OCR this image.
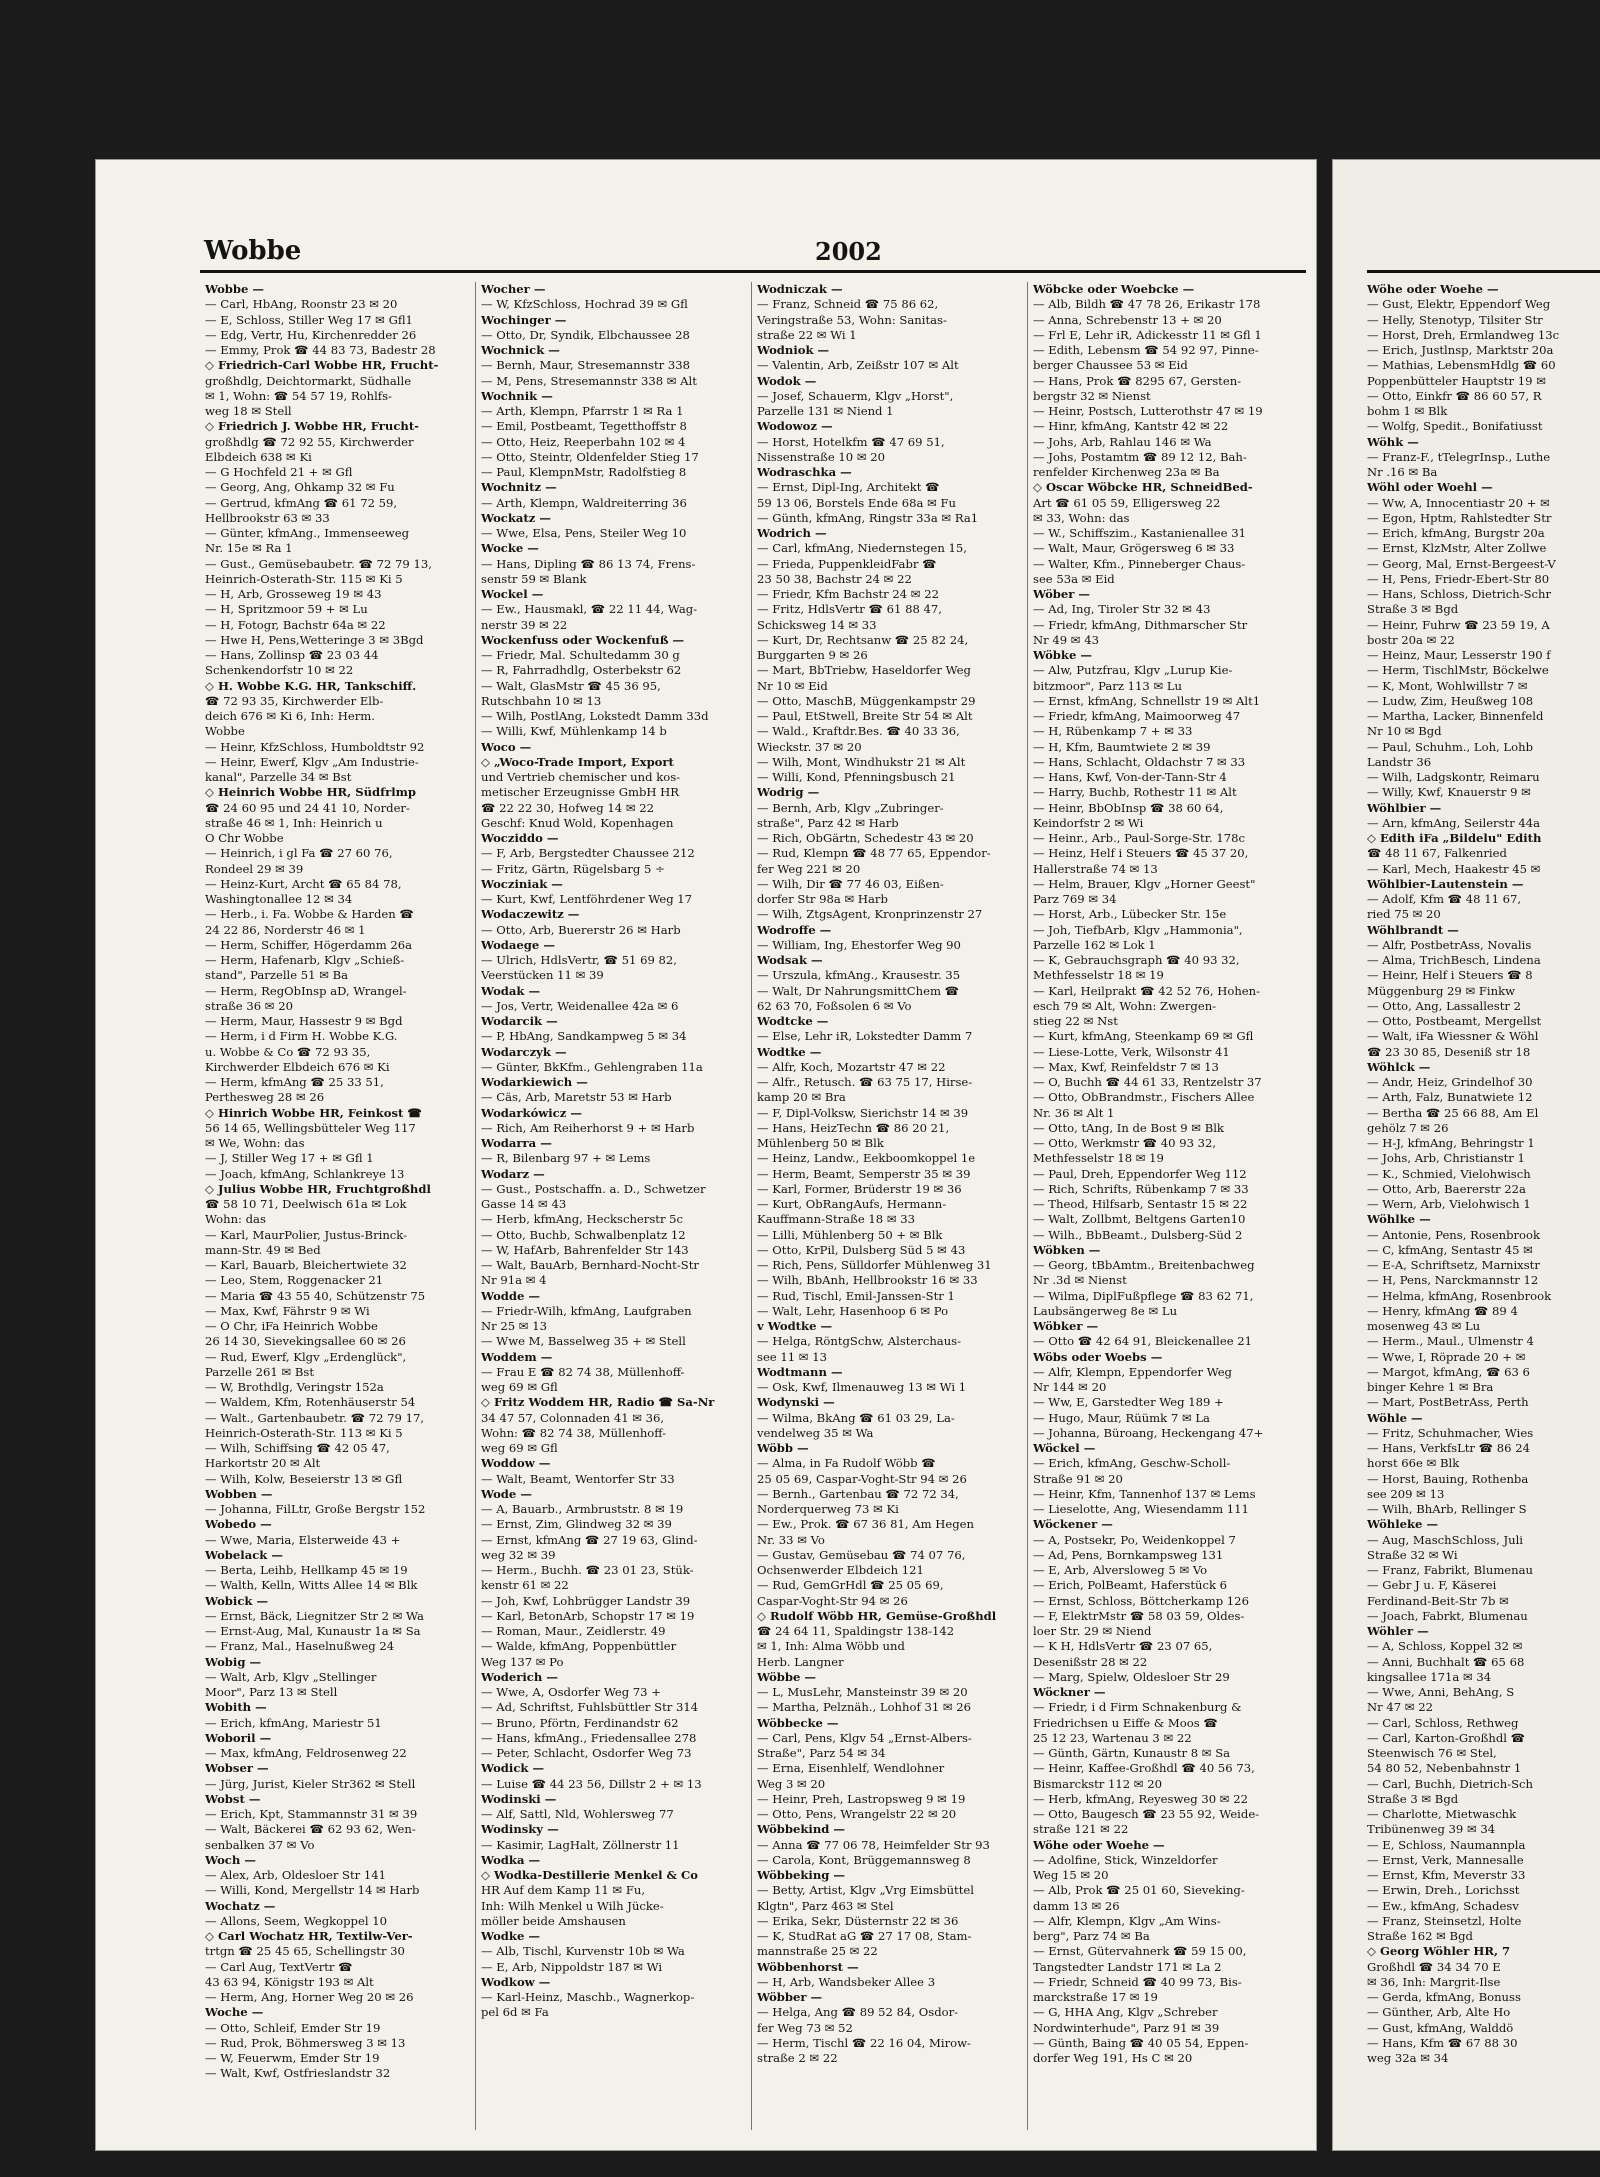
Wobbe	2002
Wobbe —
— Carl, HbAng, Roonstr 23 ✉ 20
— E, Schloss, Stiller Weg 17 ✉ Gfl1
— Edg, Vertr, Hu, Kirchenredder 26
— Emmy, Prok ☎ 44 83 73, Badestr 28
◇ Friedrich-Carl Wobbe HR, Frucht-
großhdlg, Deichtormarkt, Südhalle
✉ 1, Wohn: ☎ 54 57 19, Rohlfs-
weg 18 ✉ Stell
◇ Friedrich J. Wobbe HR, Frucht-
großhdlg ☎ 72 92 55, Kirchwerder
Elbdeich 638 ✉ Ki
— G Hochfeld 21 + ✉ Gfl
— Georg, Ang, Ohkamp 32 ✉ Fu
— Gertrud, kfmAng ☎ 61 72 59,
Hellbrookstr 63 ✉ 33
— Günter, kfmAng., Immenseeweg
Nr. 15e ✉ Ra 1
— Gust., Gemüsebaubetr. ☎ 72 79 13,
Heinrich-Osterath-Str. 115 ✉ Ki 5
— H, Arb, Grosseweg 19 ✉ 43
— H, Spritzmoor 59 + ✉ Lu
— H, Fotogr, Bachstr 64a ✉ 22
— Hwe H, Pens,Wetteringe 3 ✉ 3Bgd
— Hans, Zollinsp ☎ 23 03 44
Schenkendorfstr 10 ✉ 22
◇ H. Wobbe K.G. HR, Tankschiff.
☎ 72 93 35, Kirchwerder Elb-
deich 676 ✉ Ki 6, Inh: Herm.
Wobbe
— Heinr, KfzSchloss, Humboldtstr 92
— Heinr, Ewerf, Klgv „Am Industrie-
kanal", Parzelle 34 ✉ Bst
◇ Heinrich Wobbe HR, Südfrlmp
☎ 24 60 95 und 24 41 10, Norder-
straße 46 ✉ 1, Inh: Heinrich u
O Chr Wobbe
— Heinrich, i gl Fa ☎ 27 60 76,
Rondeel 29 ✉ 39
— Heinz-Kurt, Archt ☎ 65 84 78,
Washingtonallee 12 ✉ 34
— Herb., i. Fa. Wobbe & Harden ☎
24 22 86, Norderstr 46 ✉ 1
— Herm, Schiffer, Högerdamm 26a
— Herm, Hafenarb, Klgv „Schieß-
stand", Parzelle 51 ✉ Ba
— Herm, RegObInsp aD, Wrangel-
straße 36 ✉ 20
— Herm, Maur, Hassestr 9 ✉ Bgd
— Herm, i d Firm H. Wobbe K.G.
u. Wobbe & Co ☎ 72 93 35,
Kirchwerder Elbdeich 676 ✉ Ki
— Herm, kfmAng ☎ 25 33 51,
Perthesweg 28 ✉ 26
◇ Hinrich Wobbe HR, Feinkost ☎
56 14 65, Wellingsbütteler Weg 117
✉ We, Wohn: das
— J, Stiller Weg 17 + ✉ Gfl 1
— Joach, kfmAng, Schlankreye 13
◇ Julius Wobbe HR, Fruchtgroßhdl
☎ 58 10 71, Deelwisch 61a ✉ Lok
Wohn: das
— Karl, MaurPolier, Justus-Brinck-
mann-Str. 49 ✉ Bed
— Karl, Bauarb, Bleichertwiete 32
— Leo, Stem, Roggenacker 21
— Maria ☎ 43 55 40, Schützenstr 75
— Max, Kwf, Fährstr 9 ✉ Wi
— O Chr, iFa Heinrich Wobbe
26 14 30, Sievekingsallee 60 ✉ 26
— Rud, Ewerf, Klgv „Erdenglück",
Parzelle 261 ✉ Bst
— W, Brothdlg, Veringstr 152a
— Waldem, Kfm, Rotenhäuserstr 54
— Walt., Gartenbaubetr. ☎ 72 79 17,
Heinrich-Osterath-Str. 113 ✉ Ki 5
— Wilh, Schiffsing ☎ 42 05 47,
Harkortstr 20 ✉ Alt
— Wilh, Kolw, Beseierstr 13 ✉ Gfl
Wobben —
— Johanna, FilLtr, Große Bergstr 152
Wobedo —
— Wwe, Maria, Elsterweide 43 +
Wobelack —
— Berta, Leihb, Hellkamp 45 ✉ 19
— Walth, Kelln, Witts Allee 14 ✉ Blk
Wobick —
— Ernst, Bäck, Liegnitzer Str 2 ✉ Wa
— Ernst-Aug, Mal, Kunaustr 1a ✉ Sa
— Franz, Mal., Haselnußweg 24
Wobig —
— Walt, Arb, Klgv „Stellinger
Moor", Parz 13 ✉ Stell
Wobith —
— Erich, kfmAng, Mariestr 51
Woboril —
— Max, kfmAng, Feldrosenweg 22
Wobser —
— Jürg, Jurist, Kieler Str362 ✉ Stell
Wobst —
— Erich, Kpt, Stammannstr 31 ✉ 39
— Walt, Bäckerei ☎ 62 93 62, Wen-
senbalken 37 ✉ Vo
Woch —
— Alex, Arb, Oldesloer Str 141
— Willi, Kond, Mergellstr 14 ✉ Harb
Wochatz —
— Allons, Seem, Wegkoppel 10
◇ Carl Wochatz HR, Textilw-Ver-
trtgn ☎ 25 45 65, Schellingstr 30
— Carl Aug, TextVertr ☎
43 63 94, Königstr 193 ✉ Alt
— Herm, Ang, Horner Weg 20 ✉ 26
Woche —
— Otto, Schleif, Emder Str 19
— Rud, Prok, Böhmersweg 3 ✉ 13
— W, Feuerwm, Emder Str 19
— Walt, Kwf, Ostfrieslandstr 32
Wocher —
— W, KfzSchloss, Hochrad 39 ✉ Gfl
Wochinger —
— Otto, Dr, Syndik, Elbchaussee 28
Wochnick —
— Bernh, Maur, Stresemannstr 338
— M, Pens, Stresemannstr 338 ✉ Alt
Wochnik —
— Arth, Klempn, Pfarrstr 1 ✉ Ra 1
— Emil, Postbeamt, Tegetthoffstr 8
— Otto, Heiz, Reeperbahn 102 ✉ 4
— Otto, Steintr, Oldenfelder Stieg 17
— Paul, KlempnMstr, Radolfstieg 8
Wochnitz —
— Arth, Klempn, Waldreiterring 36
Wockatz —
— Wwe, Elsa, Pens, Steiler Weg 10
Wocke —
— Hans, Dipling ☎ 86 13 74, Frens-
senstr 59 ✉ Blank
Wockel —
— Ew., Hausmakl, ☎ 22 11 44, Wag-
nerstr 39 ✉ 22
Wockenfuss oder Wockenfuß —
— Friedr, Mal. Schultedamm 30 g
— R, Fahrradhdlg, Osterbekstr 62
— Walt, GlasMstr ☎ 45 36 95,
Rutschbahn 10 ✉ 13
— Wilh, PostlAng, Lokstedt Damm 33d
— Willi, Kwf, Mühlenkamp 14 b
Woco —
◇ „Woco-Trade Import, Export
und Vertrieb chemischer und kos-
metischer Erzeugnisse GmbH HR
☎ 22 22 30, Hofweg 14 ✉ 22
Geschf: Knud Wold, Kopenhagen
Wocziddo —
— F, Arb, Bergstedter Chaussee 212
— Fritz, Gärtn, Rügelsbarg 5 ÷
Wocziniak —
— Kurt, Kwf, Lentföhrdener Weg 17
Wodaczewitz —
— Otto, Arb, Buererstr 26 ✉ Harb
Wodaege —
— Ulrich, HdlsVertr, ☎ 51 69 82,
Veerstücken 11 ✉ 39
Wodak —
— Jos, Vertr, Weidenallee 42a ✉ 6
Wodarcik —
— P, HbAng, Sandkampweg 5 ✉ 34
Wodarczyk —
— Günter, BkKfm., Gehlengraben 11a
Wodarkiewich —
— Cäs, Arb, Maretstr 53 ✉ Harb
Wodarkówicz —
— Rich, Am Reiherhorst 9 + ✉ Harb
Wodarra —
— R, Bilenbarg 97 + ✉ Lems
Wodarz —
— Gust., Postschaffn. a. D., Schwetzer
Gasse 14 ✉ 43
— Herb, kfmAng, Heckscherstr 5c
— Otto, Buchb, Schwalbenplatz 12
— W, HafArb, Bahrenfelder Str 143
— Walt, BauArb, Bernhard-Nocht-Str
Nr 91a ✉ 4
Wodde —
— Friedr-Wilh, kfmAng, Laufgraben
Nr 25 ✉ 13
— Wwe M, Basselweg 35 + ✉ Stell
Woddem —
— Frau E ☎ 82 74 38, Müllenhoff-
weg 69 ✉ Gfl
◇ Fritz Woddem HR, Radio ☎ Sa-Nr
34 47 57, Colonnaden 41 ✉ 36,
Wohn: ☎ 82 74 38, Müllenhoff-
weg 69 ✉ Gfl
Woddow —
— Walt, Beamt, Wentorfer Str 33
Wode —
— A, Bauarb., Armbruststr. 8 ✉ 19
— Ernst, Zim, Glindweg 32 ✉ 39
— Ernst, kfmAng ☎ 27 19 63, Glind-
weg 32 ✉ 39
— Herm., Buchh. ☎ 23 01 23, Stük-
kenstr 61 ✉ 22
— Joh, Kwf, Lohbrügger Landstr 39
— Karl, BetonArb, Schopstr 17 ✉ 19
— Roman, Maur., Zeidlerstr. 49
— Walde, kfmAng, Poppenbüttler
Weg 137 ✉ Po
Woderich —
— Wwe, A, Osdorfer Weg 73 +
— Ad, Schriftst, Fuhlsbüttler Str 314
— Bruno, Pförtn, Ferdinandstr 62
— Hans, kfmAng., Friedensallee 278
— Peter, Schlacht, Osdorfer Weg 73
Wodick —
— Luise ☎ 44 23 56, Dillstr 2 + ✉ 13
Wodinski —
— Alf, Sattl, Nld, Wohlersweg 77
Wodinsky —
— Kasimir, LagHalt, Zöllnerstr 11
Wodka —
◇ Wodka-Destillerie Menkel & Co
HR Auf dem Kamp 11 ✉ Fu,
Inh: Wilh Menkel u Wilh Jücke-
möller beide Amshausen
Wodke —
— Alb, Tischl, Kurvenstr 10b ✉ Wa
— E, Arb, Nippoldstr 187 ✉ Wi
Wodkow —
— Karl-Heinz, Maschb., Wagnerkop-
pel 6d ✉ Fa
Wodniczak —
— Franz, Schneid ☎ 75 86 62,
Veringstraße 53, Wohn: Sanitas-
straße 22 ✉ Wi 1
Wodniok —
— Valentin, Arb, Zeißstr 107 ✉ Alt
Wodok —
— Josef, Schauerm, Klgv „Horst",
Parzelle 131 ✉ Niend 1
Wodowoz —
— Horst, Hotelkfm ☎ 47 69 51,
Nissenstraße 10 ✉ 20
Wodraschka —
— Ernst, Dipl-Ing, Architekt ☎
59 13 06, Borstels Ende 68a ✉ Fu
— Günth, kfmAng, Ringstr 33a ✉ Ra1
Wodrich —
— Carl, kfmAng, Niedernstegen 15,
— Frieda, PuppenkleidFabr ☎
23 50 38, Bachstr 24 ✉ 22
— Friedr, Kfm Bachstr 24 ✉ 22
— Fritz, HdlsVertr ☎ 61 88 47,
Schicksweg 14 ✉ 33
— Kurt, Dr, Rechtsanw ☎ 25 82 24,
Burggarten 9 ✉ 26
— Mart, BbTriebw, Haseldorfer Weg
Nr 10 ✉ Eid
— Otto, MaschB, Müggenkampstr 29
— Paul, EtStwell, Breite Str 54 ✉ Alt
— Wald., Kraftdr.Bes. ☎ 40 33 36,
Wieckstr. 37 ✉ 20
— Wilh, Mont, Windhukstr 21 ✉ Alt
— Willi, Kond, Pfenningsbusch 21
Wodrig —
— Bernh, Arb, Klgv „Zubringer-
straße", Parz 42 ✉ Harb
— Rich, ObGärtn, Schedestr 43 ✉ 20
— Rud, Klempn ☎ 48 77 65, Eppendor-
fer Weg 221 ✉ 20
— Wilh, Dir ☎ 77 46 03, Eißen-
dorfer Str 98a ✉ Harb
— Wilh, ZtgsAgent, Kronprinzenstr 27
Wodroffe —
— William, Ing, Ehestorfer Weg 90
Wodsak —
— Urszula, kfmAng., Krausestr. 35
— Walt, Dr NahrungsmittChem ☎
62 63 70, Foßsolen 6 ✉ Vo
Wodtcke —
— Else, Lehr iR, Lokstedter Damm 7
Wodtke —
— Alfr, Koch, Mozartstr 47 ✉ 22
— Alfr., Retusch. ☎ 63 75 17, Hirse-
kamp 20 ✉ Bra
— F, Dipl-Volksw, Sierichstr 14 ✉ 39
— Hans, HeizTechn ☎ 86 20 21,
Mühlenberg 50 ✉ Blk
— Heinz, Landw., Eekboomkoppel 1e
— Herm, Beamt, Semperstr 35 ✉ 39
— Karl, Former, Brüderstr 19 ✉ 36
— Kurt, ObRangAufs, Hermann-
Kauffmann-Straße 18 ✉ 33
— Lilli, Mühlenberg 50 + ✉ Blk
— Otto, KrPil, Dulsberg Süd 5 ✉ 43
— Rich, Pens, Sülldorfer Mühlenweg 31
— Wilh, BbAnh, Hellbrookstr 16 ✉ 33
— Rud, Tischl, Emil-Janssen-Str 1
— Walt, Lehr, Hasenhoop 6 ✉ Po
v Wodtke —
— Helga, RöntgSchw, Alsterchaus-
see 11 ✉ 13
Wodtmann —
— Osk, Kwf, Ilmenauweg 13 ✉ Wi 1
Wodynski —
— Wilma, BkAng ☎ 61 03 29, La-
vendelweg 35 ✉ Wa
Wöbb —
— Alma, in Fa Rudolf Wöbb ☎
25 05 69, Caspar-Voght-Str 94 ✉ 26
— Bernh., Gartenbau ☎ 72 72 34,
Norderquerweg 73 ✉ Ki
— Ew., Prok. ☎ 67 36 81, Am Hegen
Nr. 33 ✉ Vo
— Gustav, Gemüsebau ☎ 74 07 76,
Ochsenwerder Elbdeich 121
— Rud, GemGrHdl ☎ 25 05 69,
Caspar-Voght-Str 94 ✉ 26
◇ Rudolf Wöbb HR, Gemüse-Großhdl
☎ 24 64 11, Spaldingstr 138-142
✉ 1, Inh: Alma Wöbb und
Herb. Langner
Wöbbe —
— L, MusLehr, Mansteinstr 39 ✉ 20
— Martha, Pelznäh., Lohhof 31 ✉ 26
Wöbbecke —
— Carl, Pens, Klgv 54 „Ernst-Albers-
Straße", Parz 54 ✉ 34
— Erna, Eisenhlelf, Wendlohner
Weg 3 ✉ 20
— Heinr, Preh, Lastropsweg 9 ✉ 19
— Otto, Pens, Wrangelstr 22 ✉ 20
Wöbbekind —
— Anna ☎ 77 06 78, Heimfelder Str 93
— Carola, Kont, Brüggemannsweg 8
Wöbbeking —
— Betty, Artist, Klgv „Vrg Eimsbüttel
Klgtn", Parz 463 ✉ Stel
— Erika, Sekr, Düsternstr 22 ✉ 36
— K, StudRat aG ☎ 27 17 08, Stam-
mannstraße 25 ✉ 22
Wöbbenhorst —
— H, Arb, Wandsbeker Allee 3
Wöbber —
— Helga, Ang ☎ 89 52 84, Osdor-
fer Weg 73 ✉ 52
— Herm, Tischl ☎ 22 16 04, Mirow-
straße 2 ✉ 22
Wöbcke oder Woebcke —
— Alb, Bildh ☎ 47 78 26, Erikastr 178
— Anna, Schrebenstr 13 + ✉ 20
— Frl E, Lehr iR, Adickesstr 11 ✉ Gfl 1
— Edith, Lebensm ☎ 54 92 97, Pinne-
berger Chaussee 53 ✉ Eid
— Hans, Prok ☎ 8295 67, Gersten-
bergstr 32 ✉ Nienst
— Heinr, Postsch, Lutterothstr 47 ✉ 19
— Hinr, kfmAng, Kantstr 42 ✉ 22
— Johs, Arb, Rahlau 146 ✉ Wa
— Johs, Postamtm ☎ 89 12 12, Bah-
renfelder Kirchenweg 23a ✉ Ba
◇ Oscar Wöbcke HR, SchneidBed-
Art ☎ 61 05 59, Elligersweg 22
✉ 33, Wohn: das
— W., Schiffszim., Kastanienallee 31
— Walt, Maur, Grögersweg 6 ✉ 33
— Walter, Kfm., Pinneberger Chaus-
see 53a ✉ Eid
Wöber —
— Ad, Ing, Tiroler Str 32 ✉ 43
— Friedr, kfmAng, Dithmarscher Str
Nr 49 ✉ 43
Wöbke —
— Alw, Putzfrau, Klgv „Lurup Kie-
bitzmoor", Parz 113 ✉ Lu
— Ernst, kfmAng, Schnellstr 19 ✉ Alt1
— Friedr, kfmAng, Maimoorweg 47
— H, Rübenkamp 7 + ✉ 33
— H, Kfm, Baumtwiete 2 ✉ 39
— Hans, Schlacht, Oldachstr 7 ✉ 33
— Hans, Kwf, Von-der-Tann-Str 4
— Harry, Buchb, Rothestr 11 ✉ Alt
— Heinr, BbObInsp ☎ 38 60 64,
Keindorfstr 2 ✉ Wi
— Heinr., Arb., Paul-Sorge-Str. 178c
— Heinz, Helf i Steuers ☎ 45 37 20,
Hallerstraße 74 ✉ 13
— Helm, Brauer, Klgv „Horner Geest"
Parz 769 ✉ 34
— Horst, Arb., Lübecker Str. 15e
— Joh, TiefbArb, Klgv „Hammonia",
Parzelle 162 ✉ Lok 1
— K, Gebrauchsgraph ☎ 40 93 32,
Methfesselstr 18 ✉ 19
— Karl, Heilprakt ☎ 42 52 76, Hohen-
esch 79 ✉ Alt, Wohn: Zwergen-
stieg 22 ✉ Nst
— Kurt, kfmAng, Steenkamp 69 ✉ Gfl
— Liese-Lotte, Verk, Wilsonstr 41
— Max, Kwf, Reinfeldstr 7 ✉ 13
— O, Buchh ☎ 44 61 33, Rentzelstr 37
— Otto, ObBrandmstr., Fischers Allee
Nr. 36 ✉ Alt 1
— Otto, tAng, In de Bost 9 ✉ Blk
— Otto, Werkmstr ☎ 40 93 32,
Methfesselstr 18 ✉ 19
— Paul, Dreh, Eppendorfer Weg 112
— Rich, Schrifts, Rübenkamp 7 ✉ 33
— Theod, Hilfsarb, Sentastr 15 ✉ 22
— Walt, Zollbmt, Beltgens Garten10
— Wilh., BbBeamt., Dulsberg-Süd 2
Wöbken —
— Georg, tBbAmtm., Breitenbachweg
Nr .3d ✉ Nienst
— Wilma, DiplFußpflege ☎ 83 62 71,
Laubsängerweg 8e ✉ Lu
Wöbker —
— Otto ☎ 42 64 91, Bleickenallee 21
Wöbs oder Woebs —
— Alfr, Klempn, Eppendorfer Weg
Nr 144 ✉ 20
— Ww, E, Garstedter Weg 189 +
— Hugo, Maur, Rüümk 7 ✉ La
— Johanna, Büroang, Heckengang 47+
Wöckel —
— Erich, kfmAng, Geschw-Scholl-
Straße 91 ✉ 20
— Heinr, Kfm, Tannenhof 137 ✉ Lems
— Lieselotte, Ang, Wiesendamm 111
Wöckener —
— A, Postsekr, Po, Weidenkoppel 7
— Ad, Pens, Bornkampsweg 131
— E, Arb, Alversloweg 5 ✉ Vo
— Erich, PolBeamt, Haferstück 6
— Ernst, Schloss, Böttcherkamp 126
— F, ElektrMstr ☎ 58 03 59, Oldes-
loer Str. 29 ✉ Niend
— K H, HdlsVertr ☎ 23 07 65,
Desenißstr 28 ✉ 22
— Marg, Spielw, Oldesloer Str 29
Wöckner —
— Friedr, i d Firm Schnakenburg &
Friedrichsen u Eiffe & Moos ☎
25 12 23, Wartenau 3 ✉ 22
— Günth, Gärtn, Kunaustr 8 ✉ Sa
— Heinr, Kaffee-Großhdl ☎ 40 56 73,
Bismarckstr 112 ✉ 20
— Herb, kfmAng, Reyesweg 30 ✉ 22
— Otto, Baugesch ☎ 23 55 92, Weide-
straße 121 ✉ 22
Wöhe oder Woehe —
— Adolfine, Stick, Winzeldorfer
Weg 15 ✉ 20
— Alb, Prok ☎ 25 01 60, Sieveking-
damm 13 ✉ 26
— Alfr, Klempn, Klgv „Am Wins-
berg", Parz 74 ✉ Ba
— Ernst, Gütervahnerk ☎ 59 15 00,
Tangstedter Landstr 171 ✉ La 2
— Friedr, Schneid ☎ 40 99 73, Bis-
marckstraße 17 ✉ 19
— G, HHA Ang, Klgv „Schreber
Nordwinterhude", Parz 91 ✉ 39
— Günth, Baing ☎ 40 05 54, Eppen-
dorfer Weg 191, Hs C ✉ 20
Wöhe oder Woehe —
— Gust, Elektr, Eppendorf Weg
— Helly, Stenotyp, Tilsiter Str
— Horst, Dreh, Ermlandweg 13c
— Erich, Justlnsp, Marktstr 20a
— Mathias, LebensmHdlg ☎ 60
Poppenbütteler Hauptstr 19 ✉
— Otto, Einkfr ☎ 86 60 57, R
bohm 1 ✉ Blk
— Wolfg, Spedit., Bonifatiusst
Wöhk —
— Franz-F., tTelegrInsp., Luthe
Nr .16 ✉ Ba
Wöhl oder Woehl —
— Ww, A, Innocentiastr 20 + ✉
— Egon, Hptm, Rahlstedter Str
— Erich, kfmAng, Burgstr 20a
— Ernst, KlzMstr, Alter Zollwe
— Georg, Mal, Ernst-Bergeest-V
— H, Pens, Friedr-Ebert-Str 80
— Hans, Schloss, Dietrich-Schr
Straße 3 ✉ Bgd
— Heinr, Fuhrw ☎ 23 59 19, A
bostr 20a ✉ 22
— Heinz, Maur, Lesserstr 190 f
— Herm, TischlMstr, Böckelwe
— K, Mont, Wohlwillstr 7 ✉
— Ludw, Zim, Heußweg 108
— Martha, Lacker, Binnenfeld
Nr 10 ✉ Bgd
— Paul, Schuhm., Loh, Lohb
Landstr 36
— Wilh, Ladgskontr, Reimaru
— Willy, Kwf, Knauerstr 9 ✉
Wöhlbier —
— Arn, kfmAng, Seilerstr 44a
◇ Edith iFa „Bildelu" Edith
☎ 48 11 67, Falkenried
— Karl, Mech, Haakestr 45 ✉
Wöhlbier-Lautenstein —
— Adolf, Kfm ☎ 48 11 67,
ried 75 ✉ 20
Wöhlbrandt —
— Alfr, PostbetrAss, Novalis
— Alma, TrichBesch, Lindena
— Heinr, Helf i Steuers ☎ 8
Müggenburg 29 ✉ Finkw
— Otto, Ang, Lassallestr 2
— Otto, Postbeamt, Mergellst
— Walt, iFa Wiessner & Wöhl
☎ 23 30 85, Deseniß str 18
Wöhlck —
— Andr, Heiz, Grindelhof 30
— Arth, Falz, Bunatwiete 12
— Bertha ☎ 25 66 88, Am El
gehölz 7 ✉ 26
— H-J, kfmAng, Behringstr 1
— Johs, Arb, Christianstr 1
— K., Schmied, Vielohwisch
— Otto, Arb, Baererstr 22a
— Wern, Arb, Vielohwisch 1
Wöhlke —
— Antonie, Pens, Rosenbrook
— C, kfmAng, Sentastr 45 ✉
— E-A, Schriftsetz, Marnixstr
— H, Pens, Narckmannstr 12
— Helma, kfmAng, Rosenbrook
— Henry, kfmAng ☎ 89 4
mosenweg 43 ✉ Lu
— Herm., Maul., Ulmenstr 4
— Wwe, I, Röprade 20 + ✉
— Margot, kfmAng, ☎ 63 6
binger Kehre 1 ✉ Bra
— Mart, PostBetrAss, Perth
Wöhle —
— Fritz, Schuhmacher, Wies
— Hans, VerkfsLtr ☎ 86 24
horst 66e ✉ Blk
— Horst, Bauing, Rothenba
see 209 ✉ 13
— Wilh, BhArb, Rellinger S
Wöhleke —
— Aug, MaschSchloss, Juli
Straße 32 ✉ Wi
— Franz, Fabrikt, Blumenau
— Gebr J u. F, Käserei
Ferdinand-Beit-Str 7b ✉
— Joach, Fabrkt, Blumenau
Wöhler —
— A, Schloss, Koppel 32 ✉
— Anni, Buchhalt ☎ 65 68
kingsallee 171a ✉ 34
— Wwe, Anni, BehAng, S
Nr 47 ✉ 22
— Carl, Schloss, Rethweg
— Carl, Karton-Großhdl ☎
Steenwisch 76 ✉ Stel,
54 80 52, Nebenbahnstr 1
— Carl, Buchh, Dietrich-Sch
Straße 3 ✉ Bgd
— Charlotte, Mietwaschk
Tribünenweg 39 ✉ 34
— E, Schloss, Naumannpla
— Ernst, Verk, Mannesalle
— Ernst, Kfm, Meverstr 33
— Erwin, Dreh., Lorichsst
— Ew., kfmAng, Schadesv
— Franz, Steinsetzl, Holte
Straße 162 ✉ Bgd
◇ Georg Wöhler HR, 7
Großhdl ☎ 34 34 70 E
✉ 36, Inh: Margrit-Ilse
— Gerda, kfmAng, Bonuss
— Günther, Arb, Alte Ho
— Gust, kfmAng, Walddö
— Hans, Kfm ☎ 67 88 30
weg 32a ✉ 34
